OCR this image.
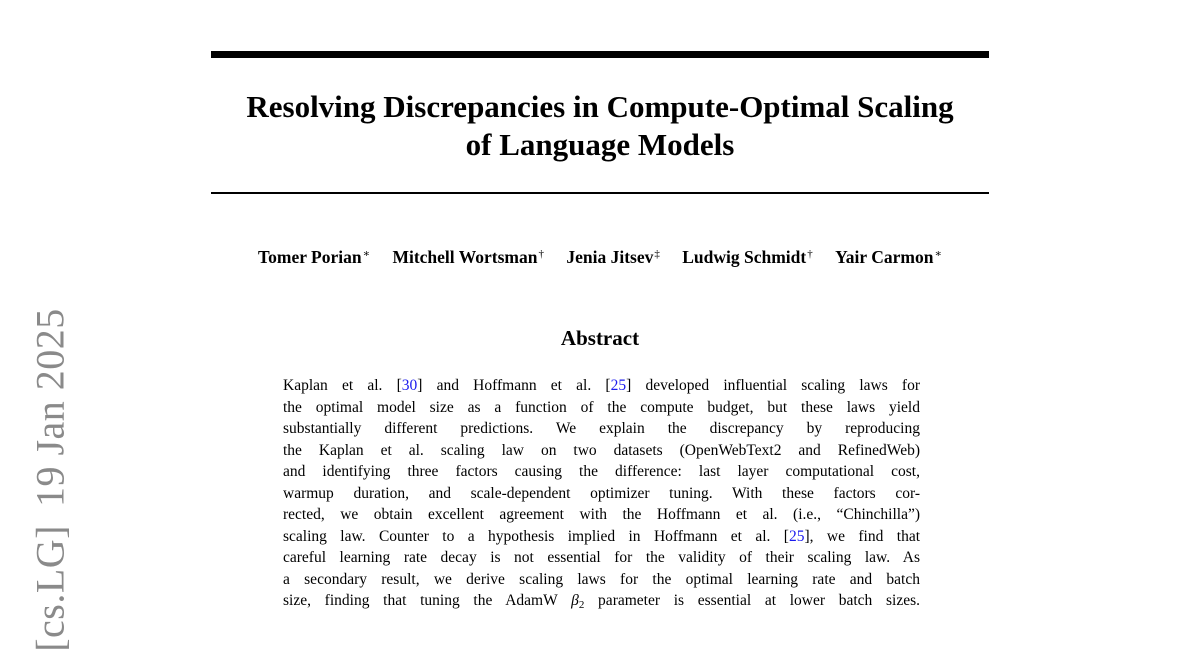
Resolving Discrepancies in Compute-Optimal Scaling
of Language Models
Tomer Porian∗ Mitchell Wortsman† Jenia Jitsev‡ Ludwig Schmidt† Yair Carmon∗
Abstract
Kaplan et al. [30] and Hoffmann et al. [25] developed influential scaling laws for
the optimal model size as a function of the compute budget, but these laws yield
substantially different predictions. We explain the discrepancy by reproducing
the Kaplan et al. scaling law on two datasets (OpenWebText2 and RefinedWeb)
and identifying three factors causing the difference: last layer computational cost,
warmup duration, and scale-dependent optimizer tuning. With these factors cor-
rected, we obtain excellent agreement with the Hoffmann et al. (i.e., “Chinchilla”)
scaling law. Counter to a hypothesis implied in Hoffmann et al. [25], we find that
careful learning rate decay is not essential for the validity of their scaling law. As
a secondary result, we derive scaling laws for the optimal learning rate and batch
size, finding that tuning the AdamW β2 parameter is essential at lower batch sizes.
[cs.LG]19 Jan 2025
